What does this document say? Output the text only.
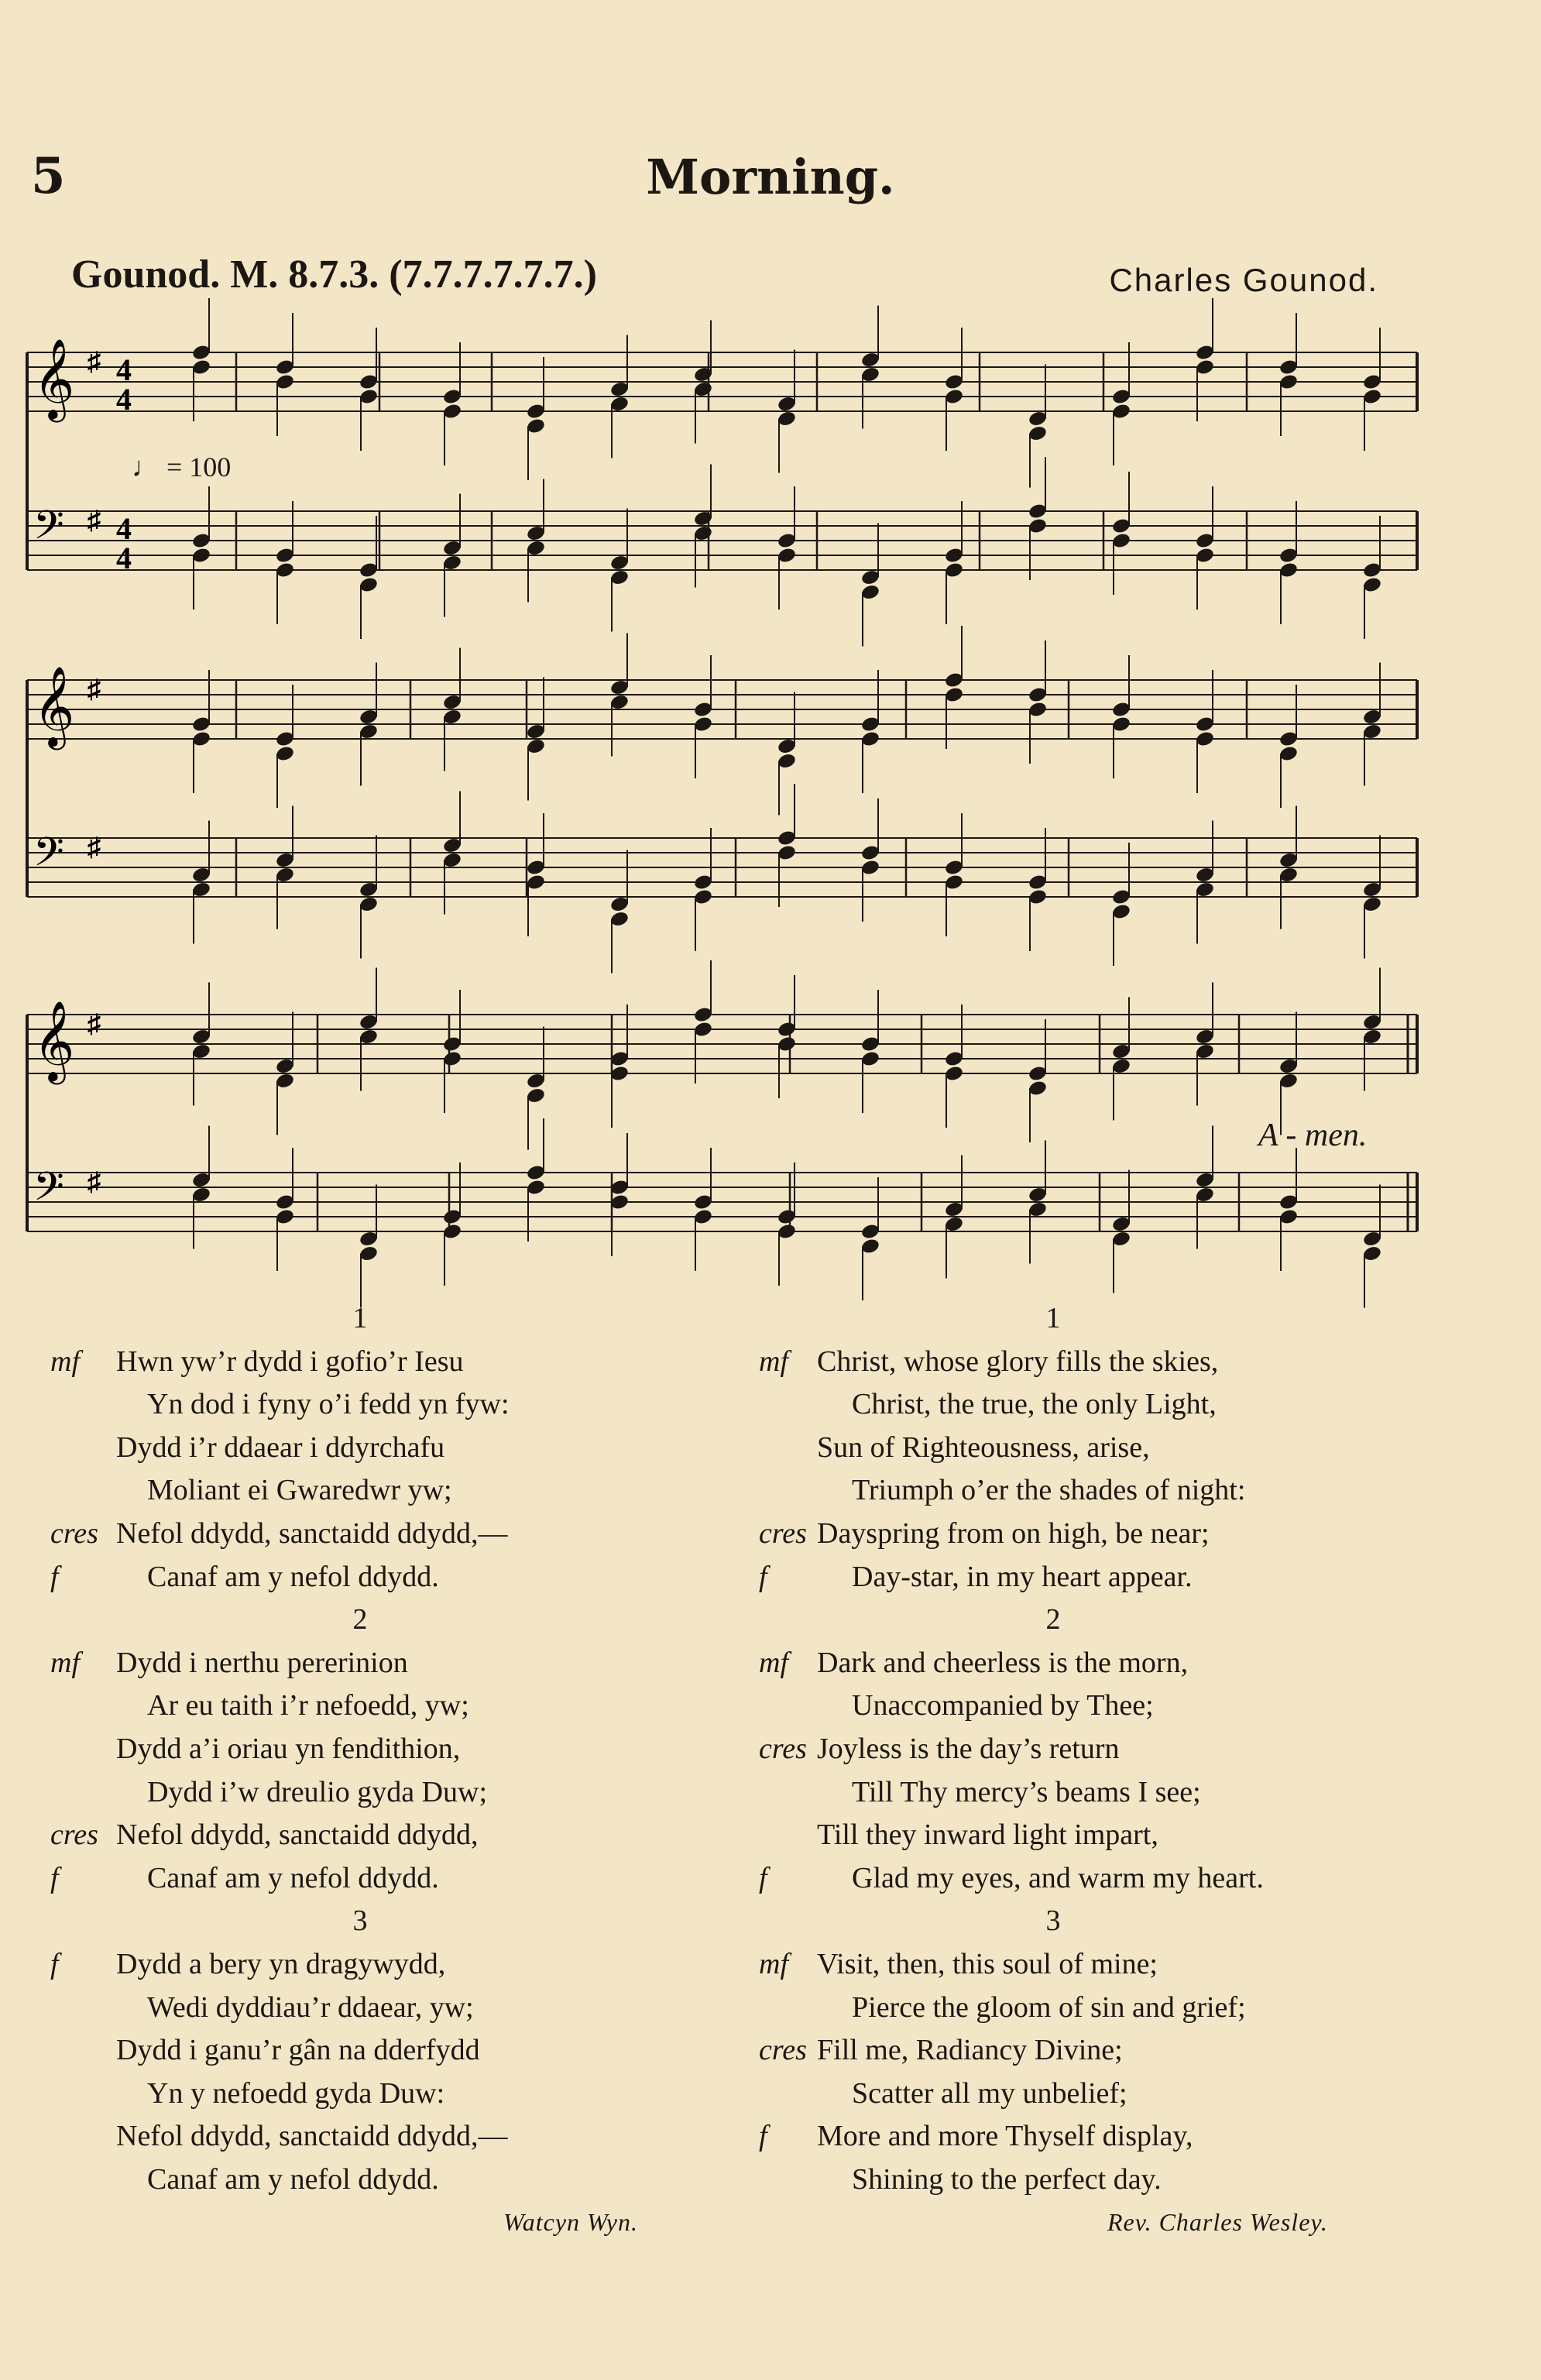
5	Morning.
Gounod. M. 8.7.3. (7.7.7.7.7.7.)	Charles Gounod.
𝄞 ♯ 4
4
𝄢 ♯ 4
4
𝄞 ♯
𝄢 ♯
𝄞 ♯
𝄢 ♯
♩ = 100
A - men.
1
mf Hwn yw’r dydd i gofio’r Iesu
Yn dod i fyny o’i fedd yn fyw:
Dydd i’r ddaear i ddyrchafu
Moliant ei Gwaredwr yw;
cres Nefol ddydd, sanctaidd ddydd,—
f	Canaf am y nefol ddydd.
2
mf Dydd i nerthu pererinion
Ar eu taith i’r nefoedd, yw;
Dydd a’i oriau yn fendithion,
Dydd i’w dreulio gyda Duw;
cres Nefol ddydd, sanctaidd ddydd,
f	Canaf am y nefol ddydd.
3
f Dydd a bery yn dragywydd,
Wedi dyddiau’r ddaear, yw;
Dydd i ganu’r gân na dderfydd
Yn y nefoedd gyda Duw:
Nefol ddydd, sanctaidd ddydd,—
Canaf am y nefol ddydd.
Watcyn Wyn.
1
mf Christ, whose glory fills the skies,
Christ, the true, the only Light,
Sun of Righteousness, arise,
Triumph o’er the shades of night:
cres Dayspring from on high, be near;
f	Day-star, in my heart appear.
2
mf Dark and cheerless is the morn,
Unaccompanied by Thee;
cres Joyless is the day’s return
Till Thy mercy’s beams I see;
Till they inward light impart,
f	Glad my eyes, and warm my heart.
3
mf Visit, then, this soul of mine;
Pierce the gloom of sin and grief;
cres Fill me, Radiancy Divine;
Scatter all my unbelief;
f More and more Thyself display,
Shining to the perfect day.
Rev. Charles Wesley.
